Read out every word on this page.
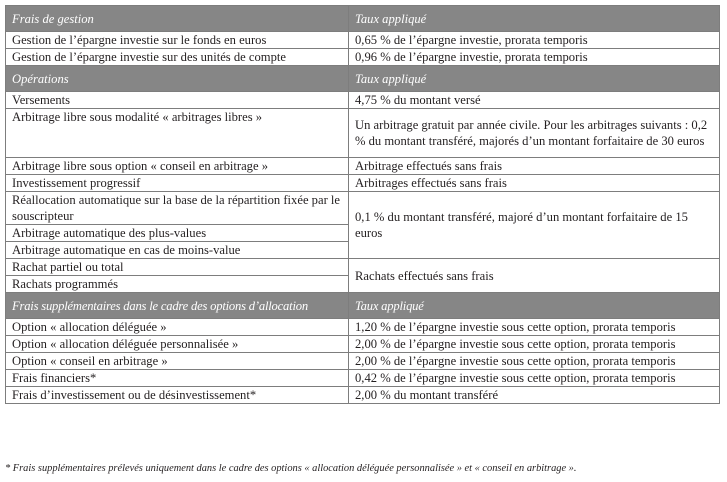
Frais de gestion	Taux appliqué
Gestion de l’épargne investie sur le fonds en euros	0,65 % de l’épargne investie, prorata temporis
Gestion de l’épargne investie sur des unités de compte	0,96 % de l’épargne investie, prorata temporis
Opérations	Taux appliqué
Versements	4,75 % du montant versé
Arbitrage libre sous modalité « arbitrages libres »	Un arbitrage gratuit par année civile. Pour les arbitrages suivants : 0,2 % du montant transféré, majorés d’un montant forfaitaire de 30 euros
Arbitrage libre sous option « conseil en arbitrage »	Arbitrage effectués sans frais
Investissement progressif	Arbitrages effectués sans frais
Réallocation automatique sur la base de la répartition fixée par le souscripteur	0,1 % du montant transféré, majoré d’un montant forfaitaire de 15 euros
Arbitrage automatique des plus-values	
Arbitrage automatique en cas de moins-value	
Rachat partiel ou total	Rachats effectués sans frais
Rachats programmés	
Frais supplémentaires dans le cadre des options d’allocation	Taux appliqué
Option « allocation déléguée »	1,20 % de l’épargne investie sous cette option, prorata temporis
Option « allocation déléguée personnalisée »	2,00 % de l’épargne investie sous cette option, prorata temporis
Option « conseil en arbitrage »	2,00 % de l’épargne investie sous cette option, prorata temporis
Frais financiers*	0,42 % de l’épargne investie sous cette option, prorata temporis
Frais d’investissement ou de désinvestissement*	2,00 % du montant transféré
* Frais supplémentaires prélevés uniquement dans le cadre des options « allocation déléguée personnalisée » et « conseil en arbitrage ».
